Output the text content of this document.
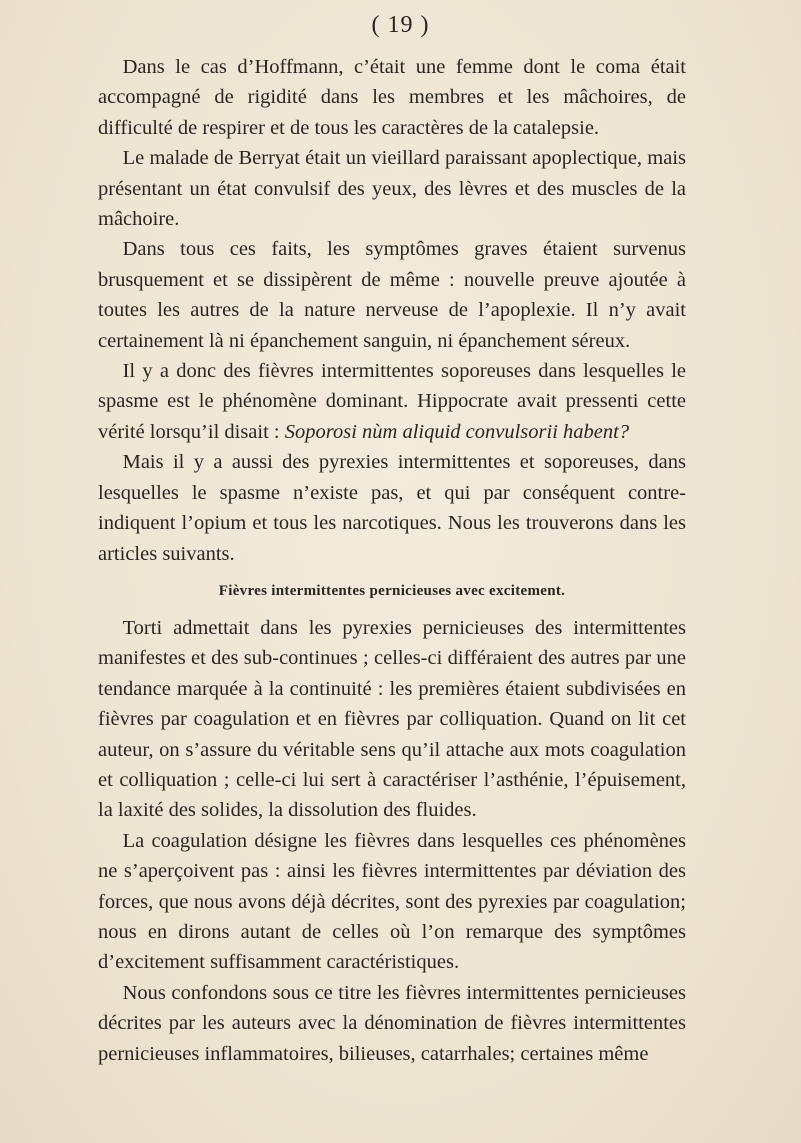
( 19 )

Dans le cas d’Hoffmann, c’était une femme dont le coma était accompagné de rigidité dans les membres et les mâchoires, de difficulté de respirer et de tous les caractères de la catalepsie.

Le malade de Berryat était un vieillard paraissant apoplectique, mais présentant un état convulsif des yeux, des lèvres et des muscles de la mâchoire.

Dans tous ces faits, les symptômes graves étaient survenus brusquement et se dissipèrent de même : nouvelle preuve ajoutée à toutes les autres de la nature nerveuse de l’apoplexie. Il n’y avait certainement là ni épanchement sanguin, ni épanchement séreux.

Il y a donc des fièvres intermittentes soporeuses dans lesquelles le spasme est le phénomène dominant. Hippocrate avait pressenti cette vérité lorsqu’il disait : Soporosi nùm aliquid convulsorii habent?

Mais il y a aussi des pyrexies intermittentes et soporeuses, dans lesquelles le spasme n’existe pas, et qui par conséquent contre-indiquent l’opium et tous les narcotiques. Nous les trouverons dans les articles suivants.

Fièvres intermittentes pernicieuses avec excitement.

Torti admettait dans les pyrexies pernicieuses des intermittentes manifestes et des sub-continues ; celles-ci différaient des autres par une tendance marquée à la continuité : les premières étaient subdivisées en fièvres par coagulation et en fièvres par colliquation. Quand on lit cet auteur, on s’assure du véritable sens qu’il attache aux mots coagulation et colliquation ; celle-ci lui sert à caractériser l’asthénie, l’épuisement, la laxité des solides, la dissolution des fluides.

La coagulation désigne les fièvres dans lesquelles ces phénomènes ne s’aperçoivent pas : ainsi les fièvres intermittentes par déviation des forces, que nous avons déjà décrites, sont des pyrexies par coagulation; nous en dirons autant de celles où l’on remarque des symptômes d’excitement suffisamment caractéristiques.

Nous confondons sous ce titre les fièvres intermittentes pernicieuses décrites par les auteurs avec la dénomination de fièvres intermittentes pernicieuses inflammatoires, bilieuses, catarrhales; certaines même
